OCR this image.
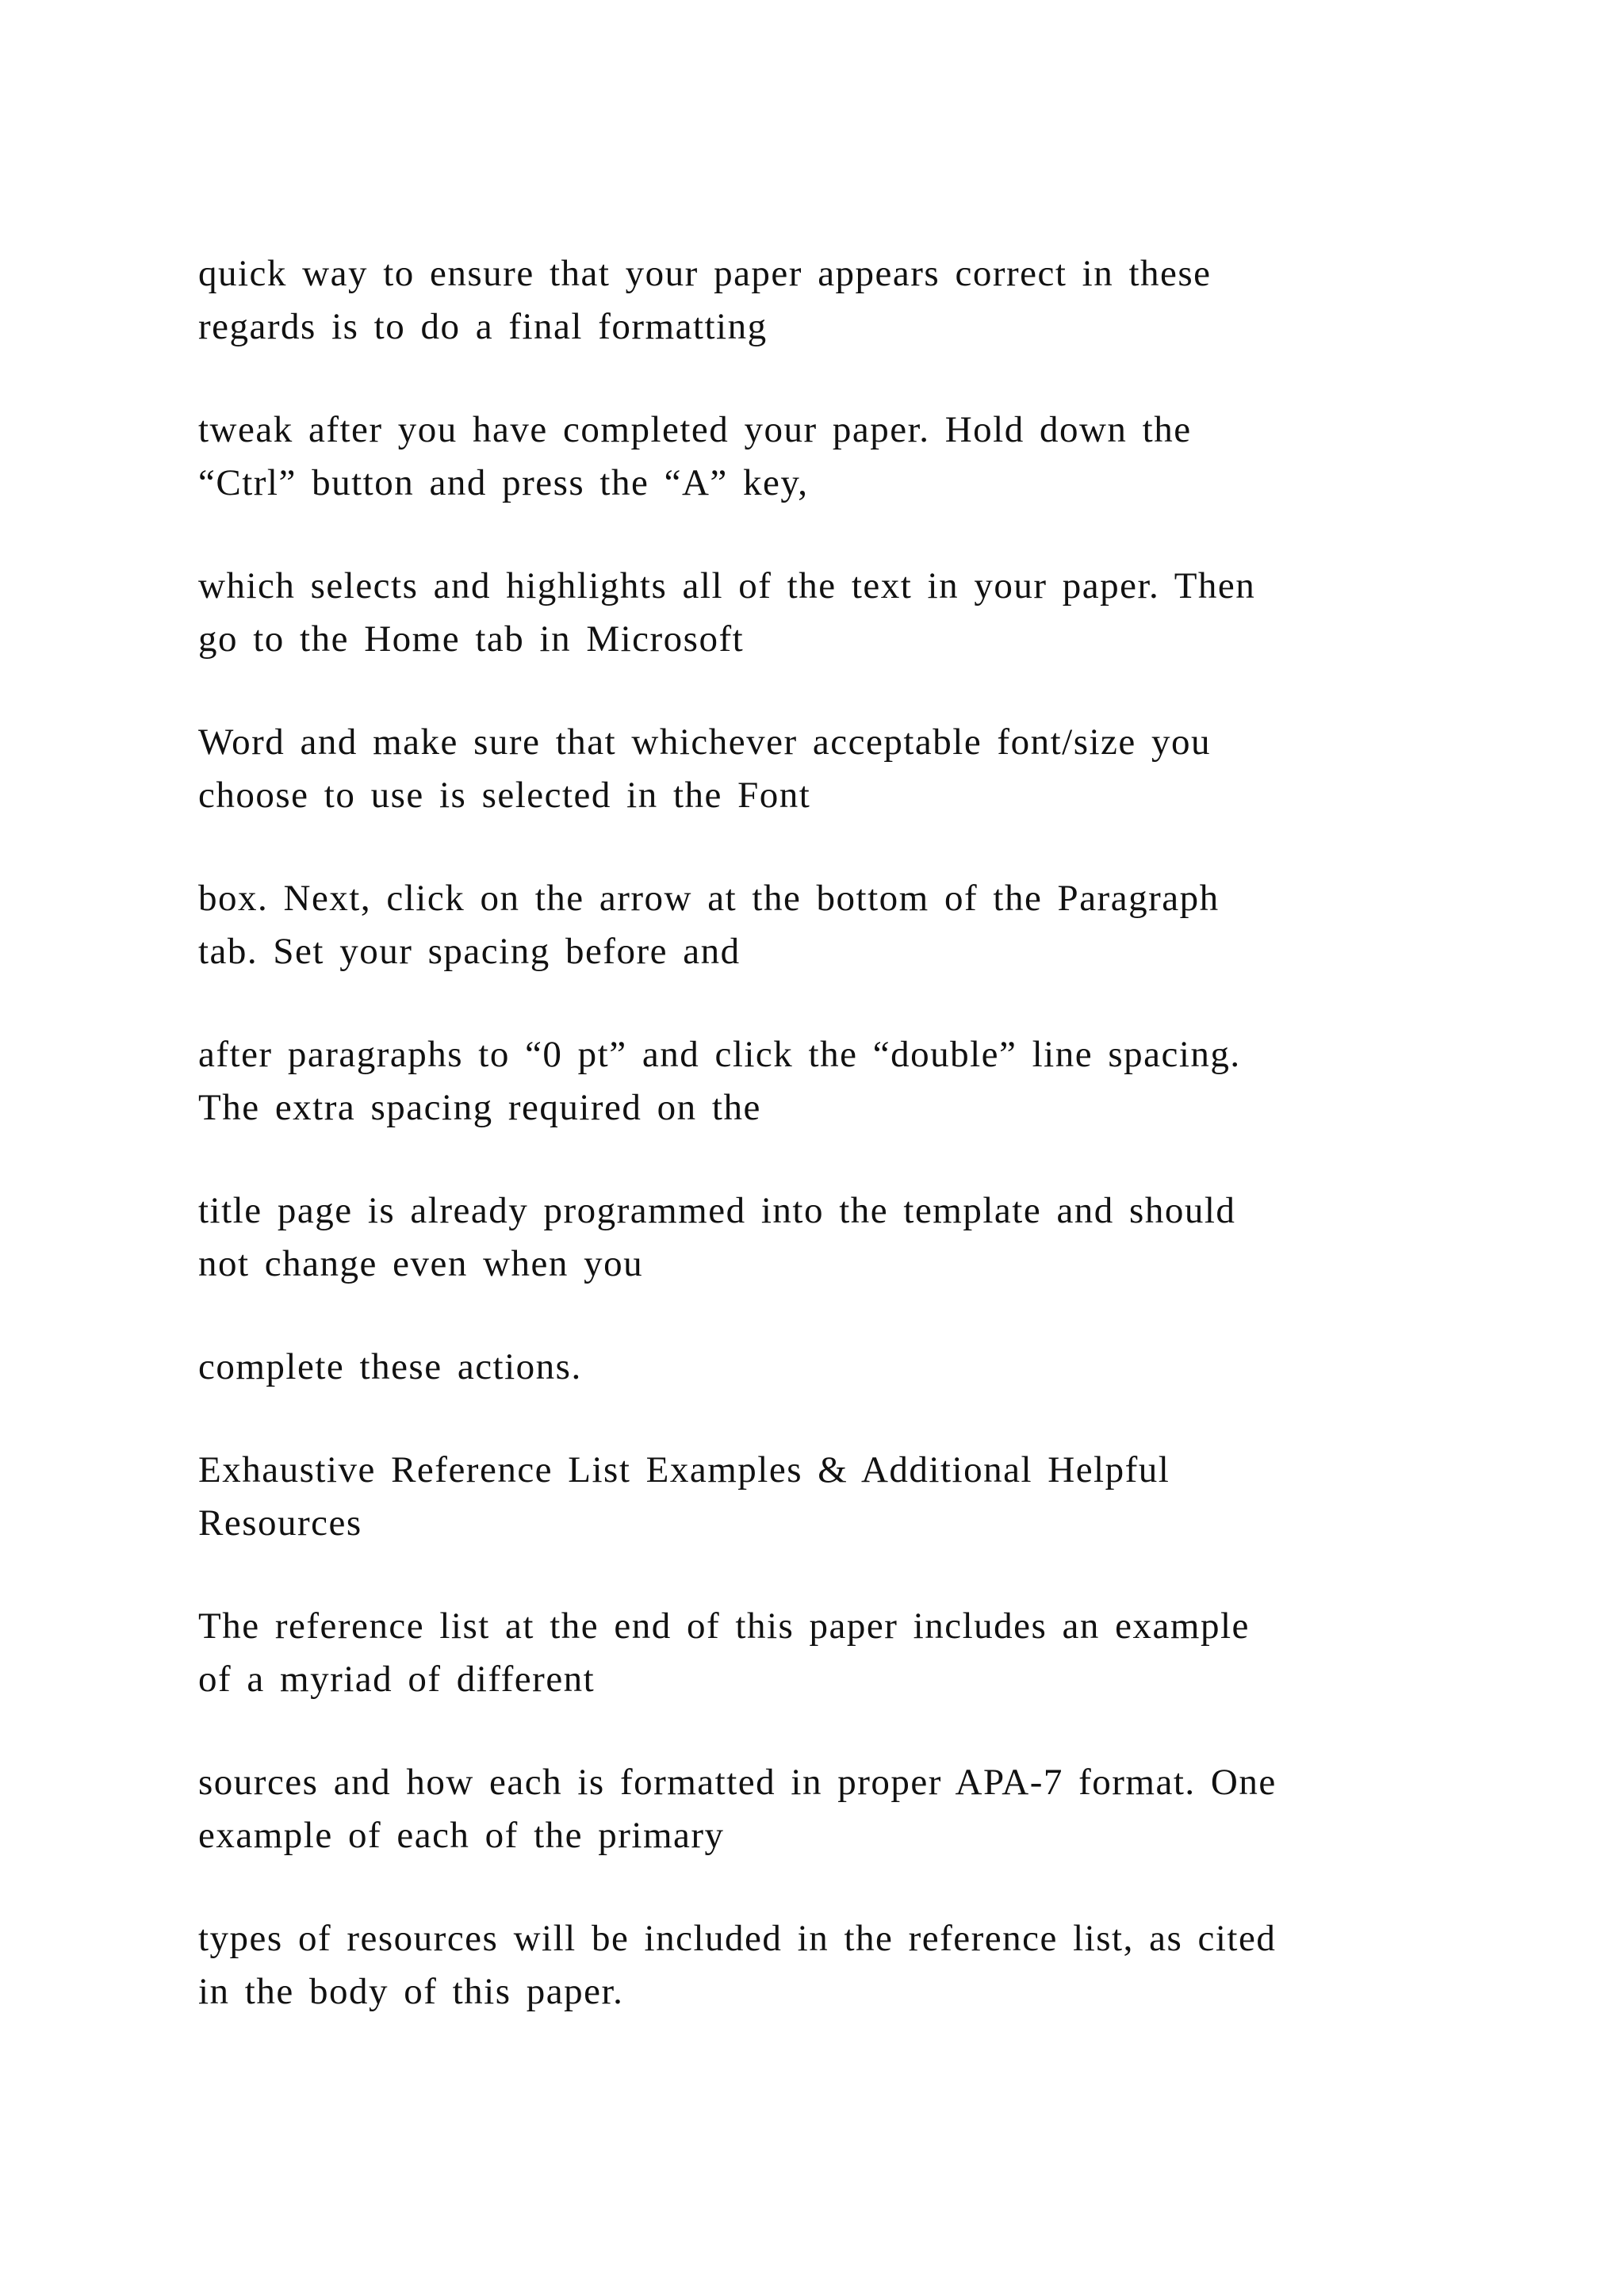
quick way to ensure that your paper appears correct in these
regards is to do a final formatting

tweak after you have completed your paper. Hold down the
“Ctrl” button and press the “A” key,

which selects and highlights all of the text in your paper. Then
go to the Home tab in Microsoft

Word and make sure that whichever acceptable font/size you
choose to use is selected in the Font

box. Next, click on the arrow at the bottom of the Paragraph
tab. Set your spacing before and

after paragraphs to “0 pt” and click the “double” line spacing.
The extra spacing required on the

title page is already programmed into the template and should
not change even when you

complete these actions.

Exhaustive Reference List Examples & Additional Helpful
Resources

The reference list at the end of this paper includes an example
of a myriad of different

sources and how each is formatted in proper APA-7 format. One
example of each of the primary

types of resources will be included in the reference list, as cited
in the body of this paper.
